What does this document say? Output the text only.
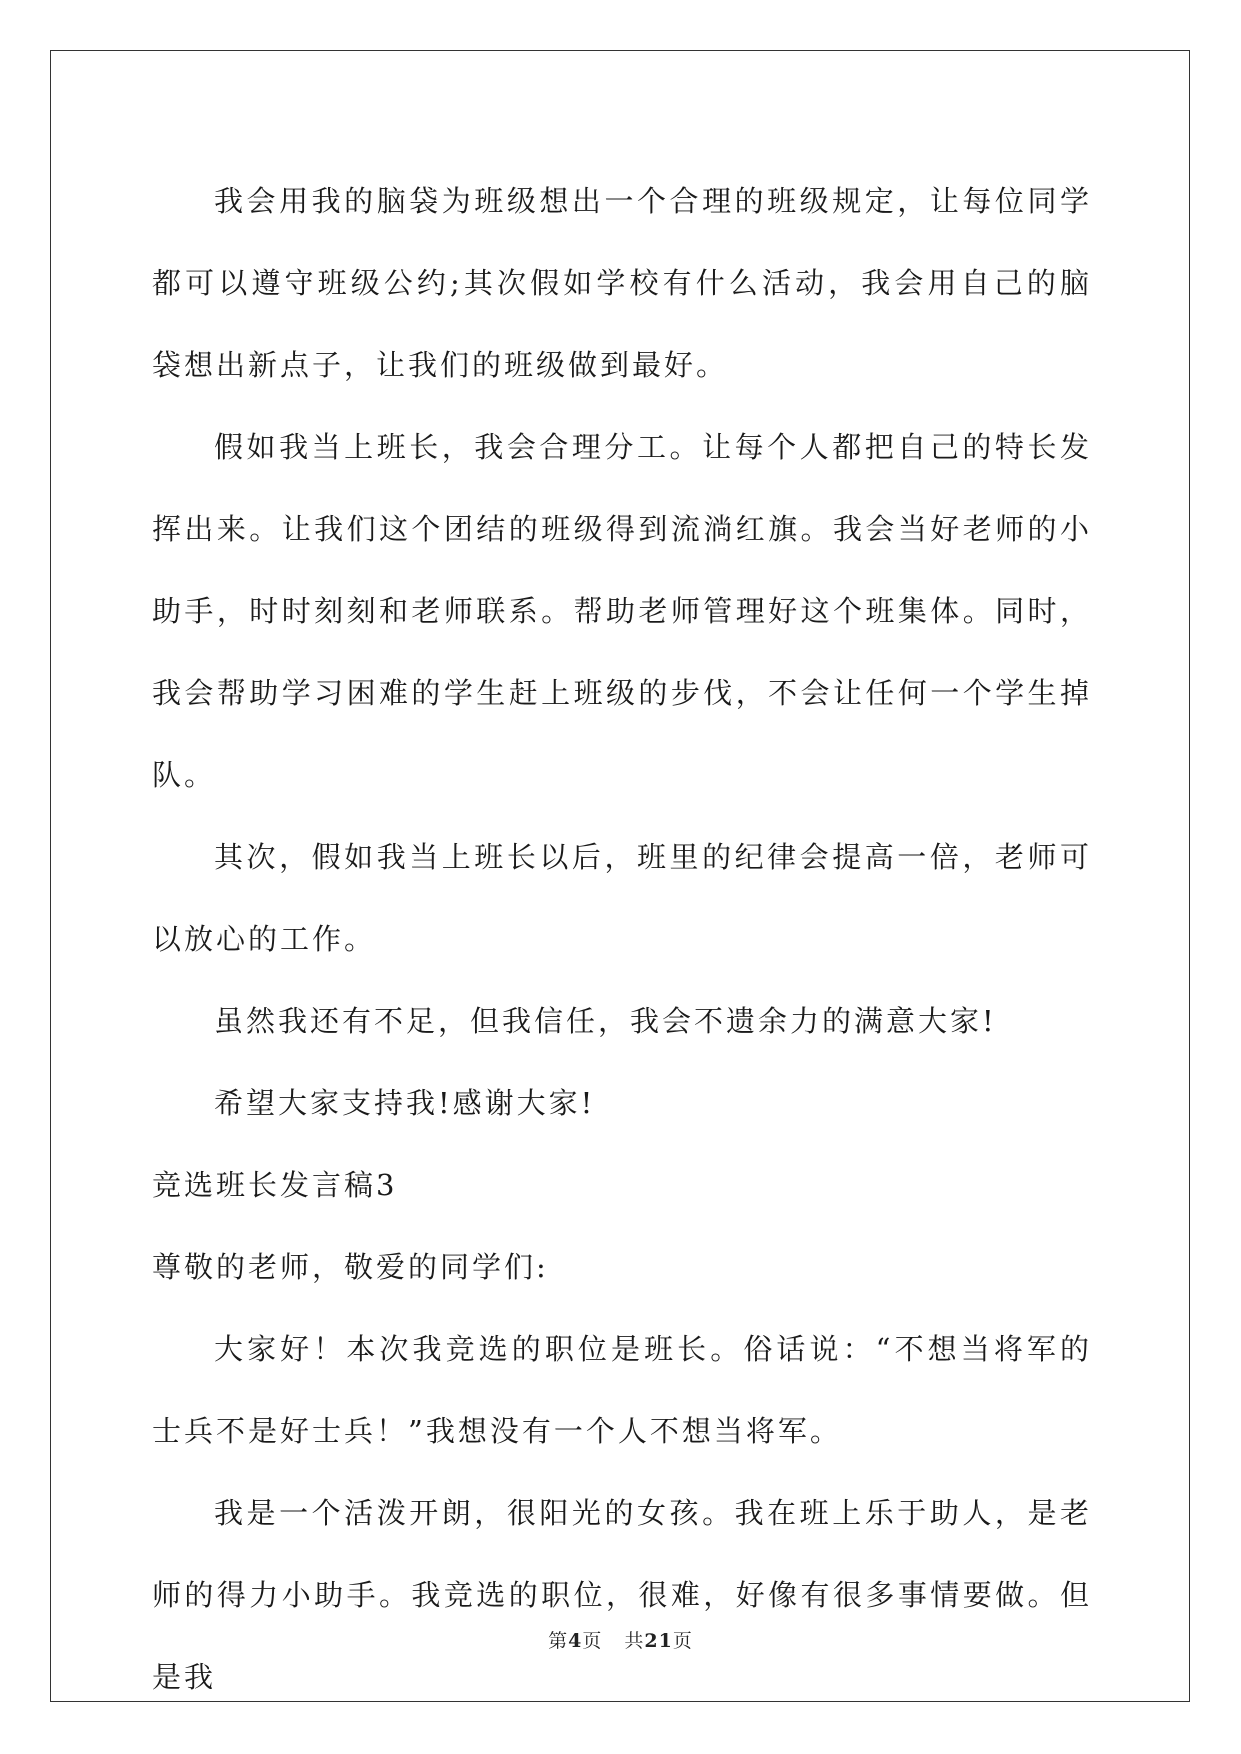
我会用我的脑袋为班级想出一个合理的班级规定，让每位同学都可以遵守班级公约;其次假如学校有什么活动，我会用自己的脑袋想出新点子，让我们的班级做到最好。

假如我当上班长，我会合理分工。让每个人都把自己的特长发挥出来。让我们这个团结的班级得到流淌红旗。我会当好老师的小助手，时时刻刻和老师联系。帮助老师管理好这个班集体。同时，我会帮助学习困难的学生赶上班级的步伐，不会让任何一个学生掉队。

其次，假如我当上班长以后，班里的纪律会提高一倍，老师可以放心的工作。

虽然我还有不足，但我信任，我会不遗余力的满意大家!

希望大家支持我!感谢大家!

竞选班长发言稿3

尊敬的老师，敬爱的同学们:

大家好！本次我竞选的职位是班长。俗话说：“不想当将军的士兵不是好士兵！”我想没有一个人不想当将军。

我是一个活泼开朗，很阳光的女孩。我在班上乐于助人，是老师的得力小助手。我竞选的职位，很难，好像有很多事情要做。但是我

第4页 共21页
